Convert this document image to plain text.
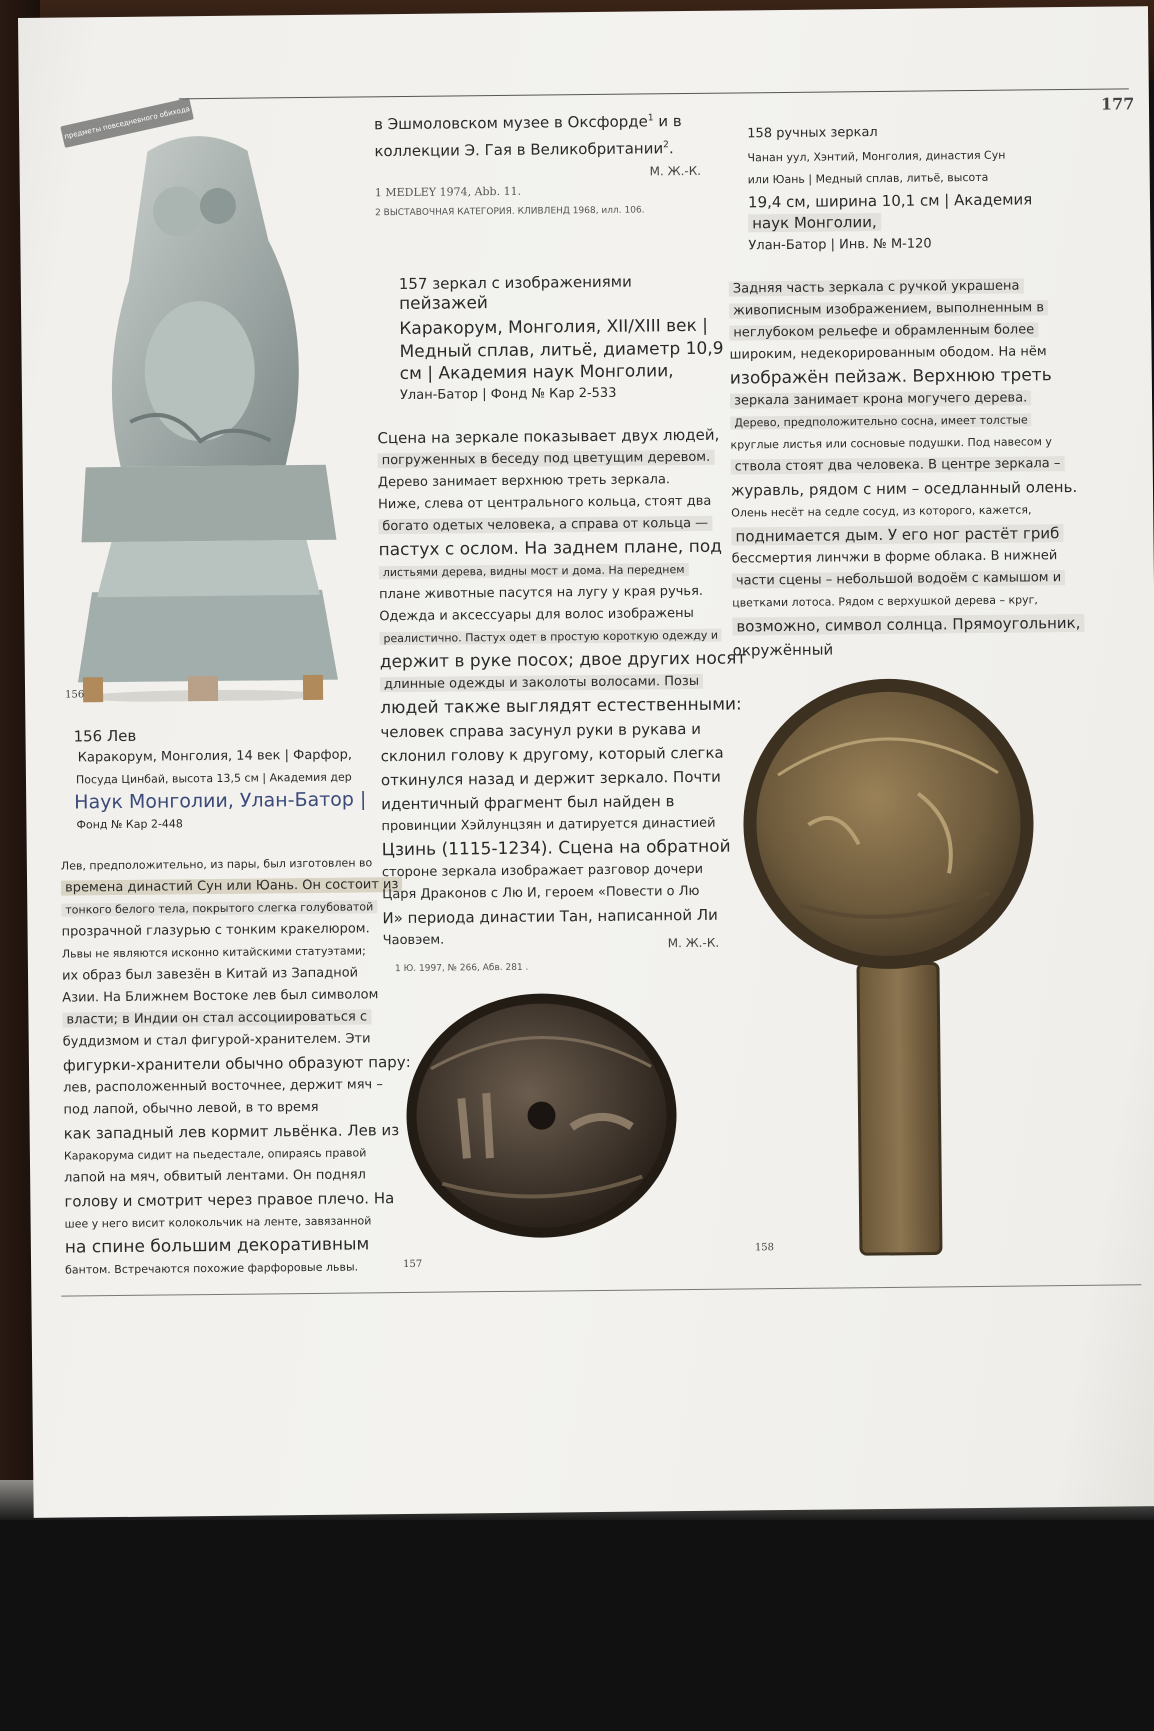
предметы повседневного обихода
177
156
156 Лев
Каракорум, Монголия, 14 век | Фарфор,
Посуда Цинбай, высота 13,5 см | Академия дер
Наук Монголии, Улан-Батор |
Фонд № Кар 2-448
Лев, предположительно, из пары, был изготовлен во
времена династий Сун или Юань. Он состоит из
тонкого белого тела, покрытого слегка голубоватой
прозрачной глазурью с тонким кракелюром.
Львы не являются исконно китайскими статуэтами;
их образ был завезён в Китай из Западной
Азии. На Ближнем Востоке лев был символом
власти; в Индии он стал ассоциироваться с
буддизмом и стал фигурой-хранителем. Эти
фигурки-хранители обычно образуют пару:
лев, расположенный восточнее, держит мяч –
под лапой, обычно левой, в то время
как западный лев кормит львёнка. Лев из
Каракорума сидит на пьедестале, опираясь правой
лапой на мяч, обвитый лентами. Он поднял
голову и смотрит через правое плечо. На
шее у него висит колокольчик на ленте, завязанной
на спине большим декоративным
бантом. Встречаются похожие фарфоровые львы.
в Эшмоловском музее в Оксфорде$^1$ и в
коллекции Э. Гая в Великобритании$^2$.
М. Ж.-К.
1 MEDLEY 1974, Abb. 11.
2 ВЫСТАВОЧНАЯ КАТЕГОРИЯ. КЛИВЛЕНД 1968, илл. 106.
157 зеркал с изображениями
пейзажей
Каракорум, Монголия, XII/XIII век |
Медный сплав, литьё, диаметр 10,9
см | Академия наук Монголии,
Улан-Батор | Фонд № Кар 2-533
Сцена на зеркале показывает двух людей,
погруженных в беседу под цветущим деревом.
Дерево занимает верхнюю треть зеркала.
Ниже, слева от центрального кольца, стоят два
богато одетых человека, а справа от кольца —
пастух с ослом. На заднем плане, под
листьями дерева, видны мост и дома. На переднем
плане животные пасутся на лугу у края ручья.
Одежда и аксессуары для волос изображены
реалистично. Пастух одет в простую короткую одежду и
держит в руке посох; двое других носят
длинные одежды и заколоты волосами. Позы
людей также выглядят естественными:
человек справа засунул руки в рукава и
склонил голову к другому, который слегка
откинулся назад и держит зеркало. Почти
идентичный фрагмент был найден в
провинции Хэйлунцзян и датируется династией
Цзинь (1115-1234). Сцена на обратной
стороне зеркала изображает разговор дочери
Царя Драконов с Лю И, героем «Повести о Лю
И» периода династии Тан, написанной Ли
Чаовэем.	М. Ж.-К.
1 Ю. 1997, № 266, Абв. 281 .
157
158 ручных зеркал
Чанан уул, Хэнтий, Монголия, династия Сун
или Юань | Медный сплав, литьё, высота
19,4 см, ширина 10,1 см | Академия
наук Монголии,
Улан-Батор | Инв. № М-120
Задняя часть зеркала с ручкой украшена
живописным изображением, выполненным в
неглубоком рельефе и обрамленным более
широким, недекорированным ободом. На нём
изображён пейзаж. Верхнюю треть
зеркала занимает крона могучего дерева.
Дерево, предположительно сосна, имеет толстые
круглые листья или сосновые подушки. Под навесом у
ствола стоят два человека. В центре зеркала –
журавль, рядом с ним – оседланный олень.
Олень несёт на седле сосуд, из которого, кажется,
поднимается дым. У его ног растёт гриб
бессмертия линчжи в форме облака. В нижней
части сцены – небольшой водоём с камышом и
цветками лотоса. Рядом с верхушкой дерева – круг,
возможно, символ солнца. Прямоугольник,
окружённый
158
